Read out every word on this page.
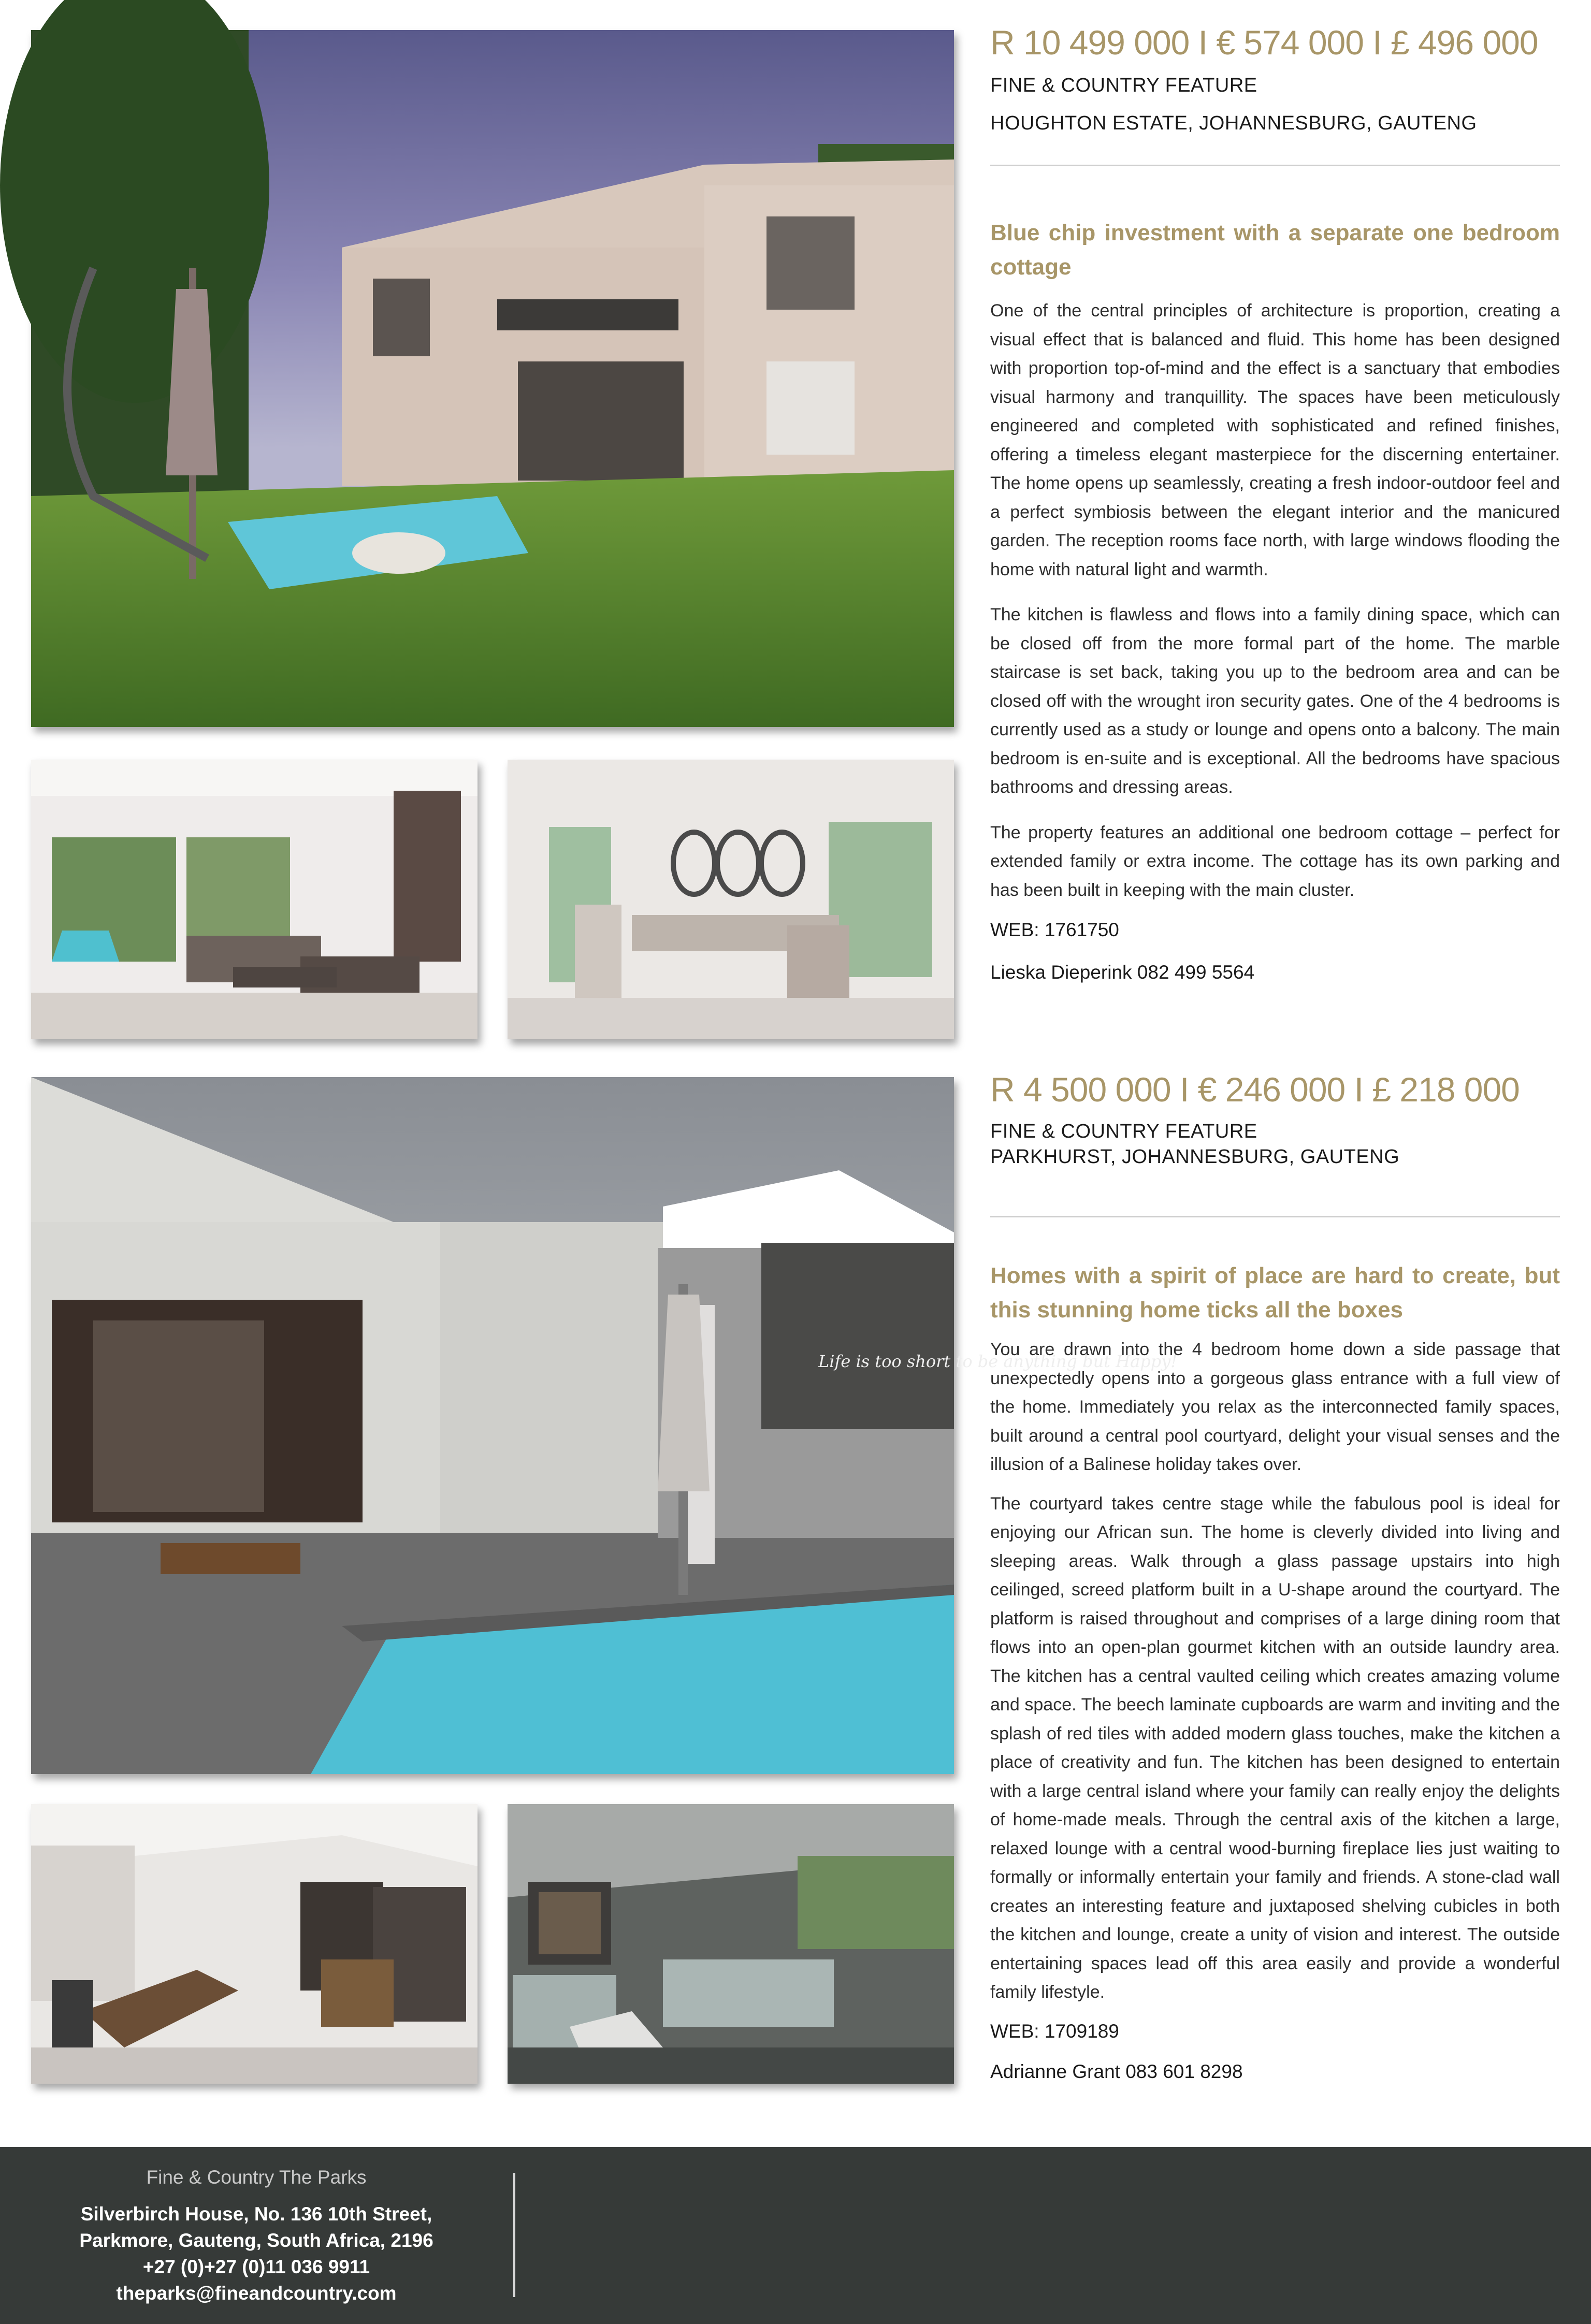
R 10 499 000 I € 574 000 I £ 496 000

FINE & COUNTRY FEATURE

HOUGHTON ESTATE, JOHANNESBURG, GAUTENG

Blue chip investment with a separate one bedroom cottage

One of the central principles of architecture is proportion, creating a visual effect that is balanced and fluid. This home has been designed with proportion top-of-mind and the effect is a sanctuary that embodies visual harmony and tranquillity. The spaces have been meticulously engineered and completed with sophisticated and refined finishes, offering a timeless elegant masterpiece for the discerning entertainer. The home opens up seamlessly, creating a fresh indoor-outdoor feel and a perfect symbiosis between the elegant interior and the manicured garden. The reception rooms face north, with large windows flooding the home with natural light and warmth.

The kitchen is flawless and flows into a family dining space, which can be closed off from the more formal part of the home. The marble staircase is set back, taking you up to the bedroom area and can be closed off with the wrought iron security gates. One of the 4 bedrooms is currently used as a study or lounge and opens onto a balcony. The main bedroom is en-suite and is exceptional. All the bedrooms have spacious bathrooms and dressing areas.

The property features an additional one bedroom cottage – perfect for extended family or extra income. The cottage has its own parking and has been built in keeping with the main cluster.

WEB: 1761750

Lieska Dieperink 082 499 5564

Life is too short to be anything but Happy!

R 4 500 000 I € 246 000 I £ 218 000

FINE & COUNTRY FEATURE

PARKHURST, JOHANNESBURG, GAUTENG

Homes with a spirit of place are hard to create, but this stunning home ticks all the boxes

You are drawn into the 4 bedroom home down a side passage that unexpectedly opens into a gorgeous glass entrance with a full view of the home. Immediately you relax as the interconnected family spaces, built around a central pool courtyard, delight your visual senses and the illusion of a Balinese holiday takes over.

The courtyard takes centre stage while the fabulous pool is ideal for enjoying our African sun. The home is cleverly divided into living and sleeping areas. Walk through a glass passage upstairs into high ceilinged, screed platform built in a U-shape around the courtyard. The platform is raised throughout and comprises of a large dining room that flows into an open-plan gourmet kitchen with an outside laundry area. The kitchen has a central vaulted ceiling which creates amazing volume and space. The beech laminate cupboards are warm and inviting and the splash of red tiles with added modern glass touches, make the kitchen a place of creativity and fun. The kitchen has been designed to entertain with a large central island where your family can really enjoy the delights of home-made meals. Through the central axis of the kitchen a large, relaxed lounge with a central wood-burning fireplace lies just waiting to formally or informally entertain your family and friends. A stone-clad wall creates an interesting feature and juxtaposed shelving cubicles in both the kitchen and lounge, create a unity of vision and interest. The outside entertaining spaces lead off this area easily and provide a wonderful family lifestyle.

WEB: 1709189

Adrianne Grant 083 601 8298

Fine & Country The Parks
Silverbirch House, No. 136 10th Street,
Parkmore, Gauteng, South Africa, 2196
+27 (0)+27 (0)11 036 9911
theparks@fineandcountry.com
